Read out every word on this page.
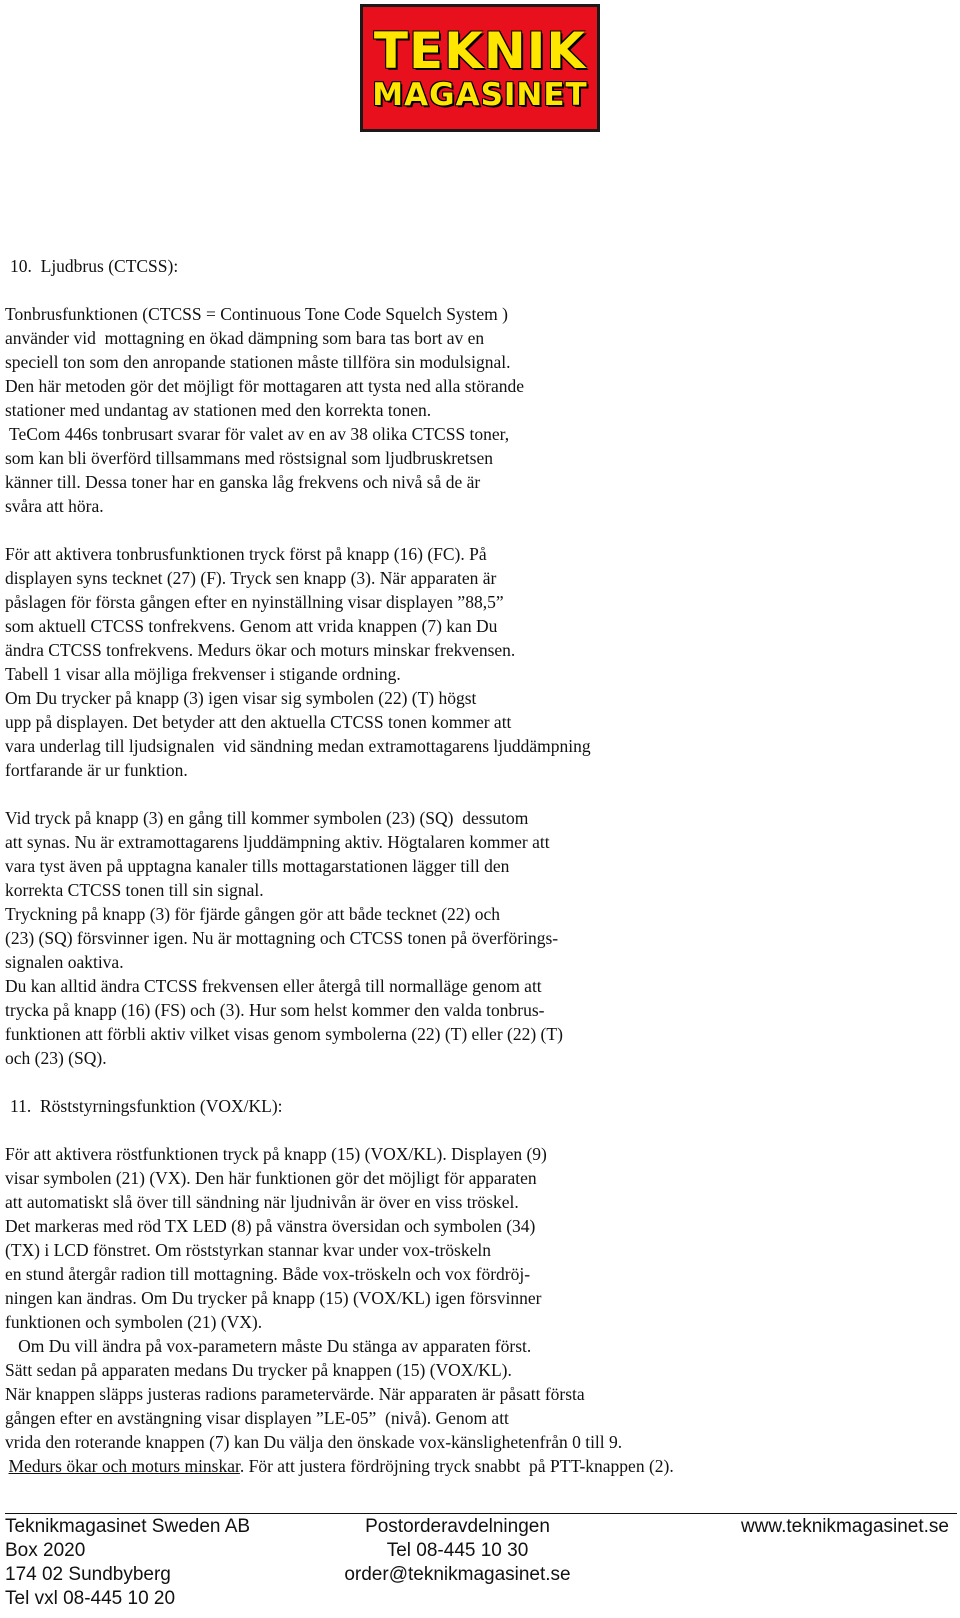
TEKNIK
MAGASINET
10.  Ljudbrus (CTCSS):
Tonbrusfunktionen (CTCSS = Continuous Tone Code Squelch System )
använder vid  mottagning en ökad dämpning som bara tas bort av en
speciell ton som den anropande stationen måste tillföra sin modulsignal.
Den här metoden gör det möjligt för mottagaren att tysta ned alla störande
stationer med undantag av stationen med den korrekta tonen.
TeCom 446s tonbrusart svarar för valet av en av 38 olika CTCSS toner,
som kan bli överförd tillsammans med röstsignal som ljudbruskretsen
känner till. Dessa toner har en ganska låg frekvens och nivå så de är
svåra att höra.
För att aktivera tonbrusfunktionen tryck först på knapp (16) (FC). På
displayen syns tecknet (27) (F). Tryck sen knapp (3). När apparaten är
påslagen för första gången efter en nyinställning visar displayen ”88,5”
som aktuell CTCSS tonfrekvens. Genom att vrida knappen (7) kan Du
ändra CTCSS tonfrekvens. Medurs ökar och moturs minskar frekvensen.
Tabell 1 visar alla möjliga frekvenser i stigande ordning.
Om Du trycker på knapp (3) igen visar sig symbolen (22) (T) högst
upp på displayen. Det betyder att den aktuella CTCSS tonen kommer att
vara underlag till ljudsignalen  vid sändning medan extramottagarens ljuddämpning
fortfarande är ur funktion.
Vid tryck på knapp (3) en gång till kommer symbolen (23) (SQ)  dessutom
att synas. Nu är extramottagarens ljuddämpning aktiv. Högtalaren kommer att
vara tyst även på upptagna kanaler tills mottagarstationen lägger till den
korrekta CTCSS tonen till sin signal.
Tryckning på knapp (3) för fjärde gången gör att både tecknet (22) och
(23) (SQ) försvinner igen. Nu är mottagning och CTCSS tonen på överförings-
signalen oaktiva.
Du kan alltid ändra CTCSS frekvensen eller återgå till normalläge genom att
trycka på knapp (16) (FS) och (3). Hur som helst kommer den valda tonbrus-
funktionen att förbli aktiv vilket visas genom symbolerna (22) (T) eller (22) (T)
och (23) (SQ).
11.  Röststyrningsfunktion (VOX/KL):
För att aktivera röstfunktionen tryck på knapp (15) (VOX/KL). Displayen (9)
visar symbolen (21) (VX). Den här funktionen gör det möjligt för apparaten
att automatiskt slå över till sändning när ljudnivån är över en viss tröskel.
Det markeras med röd TX LED (8) på vänstra översidan och symbolen (34)
(TX) i LCD fönstret. Om röststyrkan stannar kvar under vox-tröskeln
en stund återgår radion till mottagning. Både vox-tröskeln och vox fördröj-
ningen kan ändras. Om Du trycker på knapp (15) (VOX/KL) igen försvinner
funktionen och symbolen (21) (VX).
Om Du vill ändra på vox-parametern måste Du stänga av apparaten först.
Sätt sedan på apparaten medans Du trycker på knappen (15) (VOX/KL).
När knappen släpps justeras radions parametervärde. När apparaten är påsatt första
gången efter en avstängning visar displayen ”LE-05”  (nivå). Genom att
vrida den roterande knappen (7) kan Du välja den önskade vox-känslighetenfrån 0 till 9.
 Medurs ökar och moturs minskar. För att justera fördröjning tryck snabbt  på PTT-knappen (2).
Teknikmagasinet Sweden AB	Postorderavdelningen	www.teknikmagasinet.se
Box 2020	Tel 08-445 10 30
174 02 Sundbyberg	order@teknikmagasinet.se
Tel vxl 08-445 10 20
